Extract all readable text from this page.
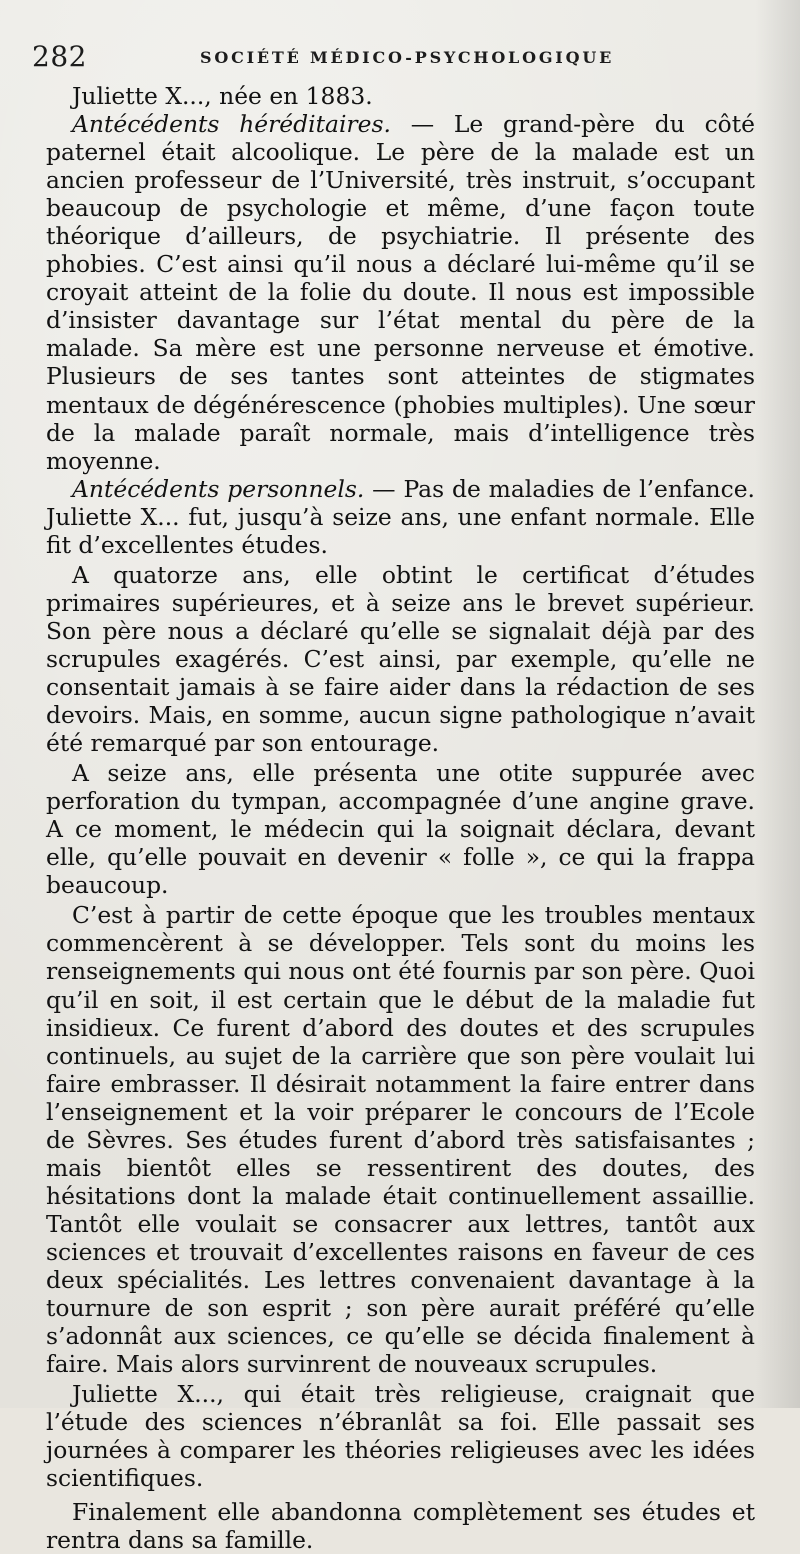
282	SOCIÉTÉ MÉDICO-PSYCHOLOGIQUE

Juliette X..., née en 1883.

Antécédents héréditaires. — Le grand-père du côté paternel était alcoolique. Le père de la malade est un ancien professeur de l’Université, très instruit, s’occupant beaucoup de psychologie et même, d’une façon toute théorique d’ailleurs, de psychiatrie. Il présente des phobies. C’est ainsi qu’il nous a déclaré lui-même qu’il se croyait atteint de la folie du doute. Il nous est impossible d’insister davantage sur l’état mental du père de la malade. Sa mère est une personne nerveuse et émotive. Plusieurs de ses tantes sont atteintes de stigmates mentaux de dégénérescence (phobies multiples). Une sœur de la malade paraît normale, mais d’intelligence très moyenne.

Antécédents personnels. — Pas de maladies de l’enfance. Juliette X... fut, jusqu’à seize ans, une enfant normale. Elle fit d’excellentes études.

A quatorze ans, elle obtint le certificat d’études primaires supérieures, et à seize ans le brevet supérieur. Son père nous a déclaré qu’elle se signalait déjà par des scrupules exagérés. C’est ainsi, par exemple, qu’elle ne consentait jamais à se faire aider dans la rédaction de ses devoirs. Mais, en somme, aucun signe pathologique n’avait été remarqué par son entourage.

A seize ans, elle présenta une otite suppurée avec perforation du tympan, accompagnée d’une angine grave. A ce moment, le médecin qui la soignait déclara, devant elle, qu’elle pouvait en devenir « folle », ce qui la frappa beaucoup.

C’est à partir de cette époque que les troubles mentaux commencèrent à se développer. Tels sont du moins les renseignements qui nous ont été fournis par son père. Quoi qu’il en soit, il est certain que le début de la maladie fut insidieux. Ce furent d’abord des doutes et des scrupules continuels, au sujet de la carrière que son père voulait lui faire embrasser. Il désirait notamment la faire entrer dans l’enseignement et la voir préparer le concours de l’Ecole de Sèvres. Ses études furent d’abord très satisfaisantes ; mais bientôt elles se ressentirent des doutes, des hésitations dont la malade était continuellement assaillie. Tantôt elle voulait se consacrer aux lettres, tantôt aux sciences et trouvait d’excellentes raisons en faveur de ces deux spécialités. Les lettres convenaient davantage à la tournure de son esprit ; son père aurait préféré qu’elle s’adonnât aux sciences, ce qu’elle se décida finalement à faire. Mais alors survinrent de nouveaux scrupules.

Juliette X..., qui était très religieuse, craignait que l’étude des sciences n’ébranlât sa foi. Elle passait ses journées à comparer les théories religieuses avec les idées scientifiques.

Finalement elle abandonna complètement ses études et rentra dans sa famille.
